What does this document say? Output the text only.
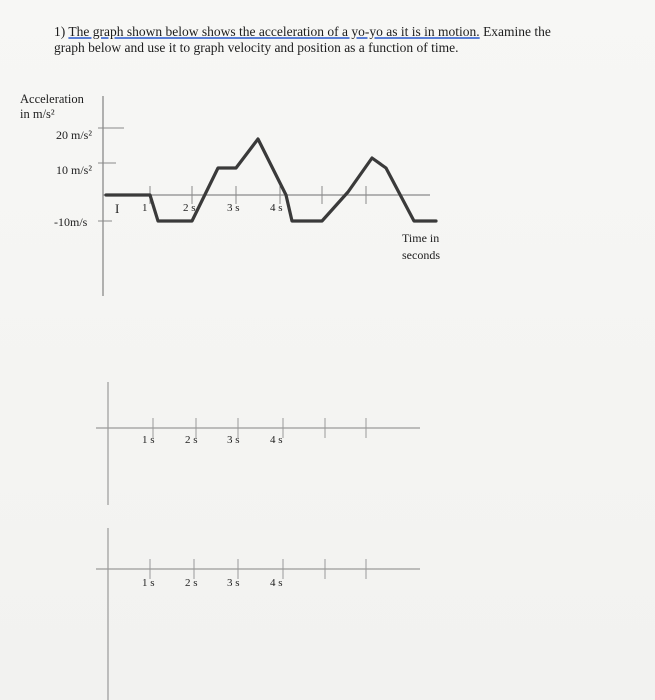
1) The graph shown below shows the acceleration of a yo-yo as it is in motion. Examine the
graph below and use it to graph velocity and position as a function of time.
Acceleration
in m/s²
20 m/s²
10 m/s²
-10m/s
I 1	2 s	3 s	4 s
Time in
seconds
1 s	2 s	3 s	4 s
1 s	2 s	3 s	4 s
